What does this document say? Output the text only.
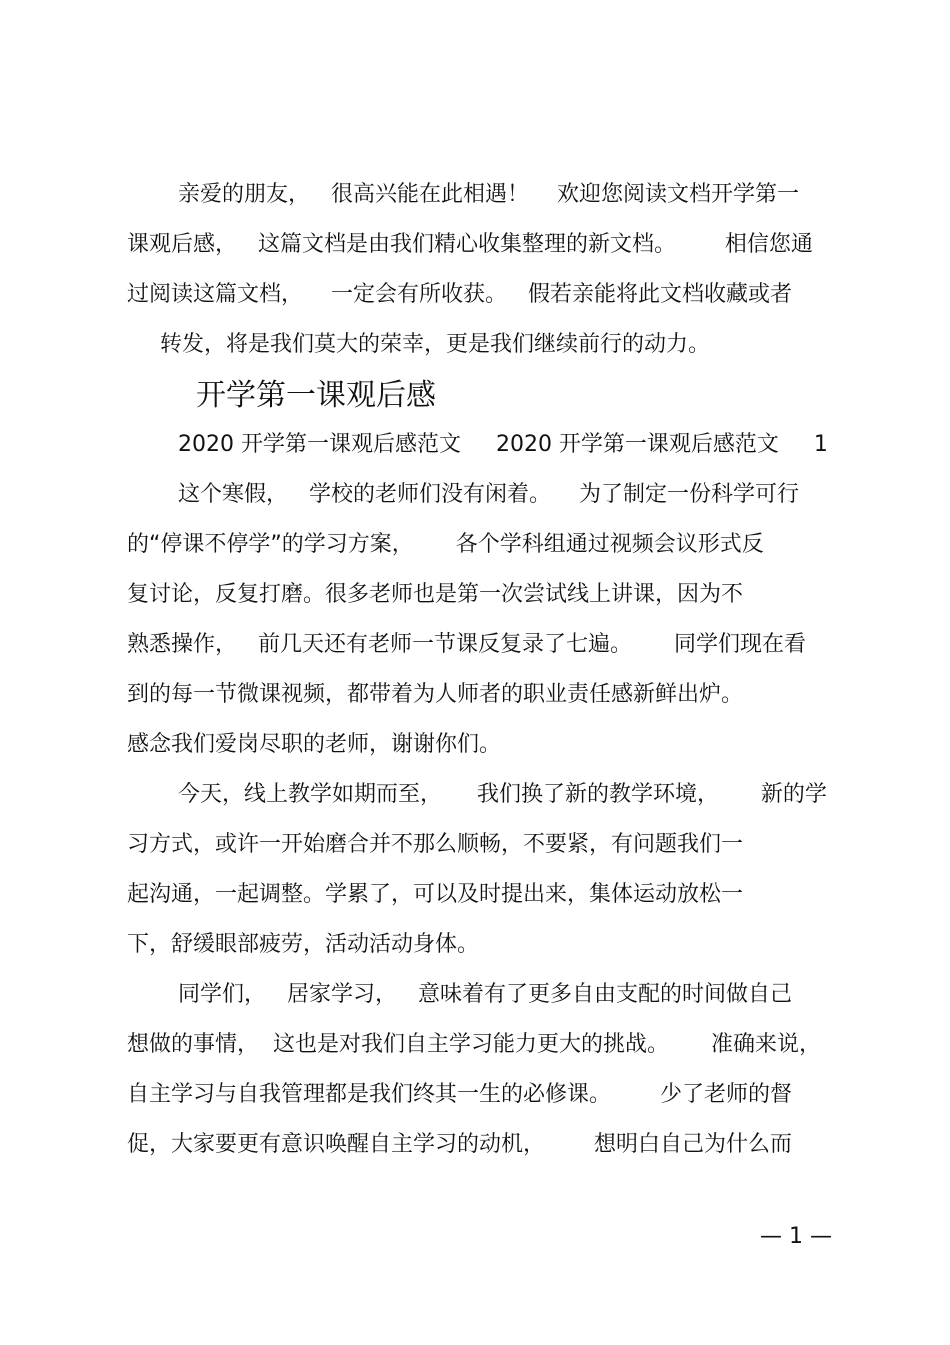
亲爱的朋友，   很高兴能在此相遇！    欢迎您阅读文档开学第一
课观后感，   这篇文档是由我们精心收集整理的新文档。       相信您通
过阅读这篇文档，    一定会有所收获。   假若亲能将此文档收藏或者
转发，将是我们莫大的荣幸，更是我们继续前行的动力。
开学第一课观后感
2020 开学第一课观后感范文     2020 开学第一课观后感范文     1
这个寒假，   学校的老师们没有闲着。    为了制定一份科学可行
的“停课不停学”的学习方案，      各个学科组通过视频会议形式反
复讨论，反复打磨。很多老师也是第一次尝试线上讲课，因为不
熟悉操作，   前几天还有老师一节课反复录了七遍。      同学们现在看
到的每一节微课视频，都带着为人师者的职业责任感新鲜出炉。
感念我们爱岗尽职的老师，谢谢你们。
今天，线上教学如期而至，     我们换了新的教学环境，      新的学
习方式，或许一开始磨合并不那么顺畅，不要紧，有问题我们一
起沟通，一起调整。学累了，可以及时提出来，集体运动放松一
下，舒缓眼部疲劳，活动活动身体。
同学们，   居家学习，   意味着有了更多自由支配的时间做自己
想做的事情，  这也是对我们自主学习能力更大的挑战。      准确来说，
自主学习与自我管理都是我们终其一生的必修课。       少了老师的督
促，大家要更有意识唤醒自主学习的动机，       想明白自己为什么而
— 1 —
